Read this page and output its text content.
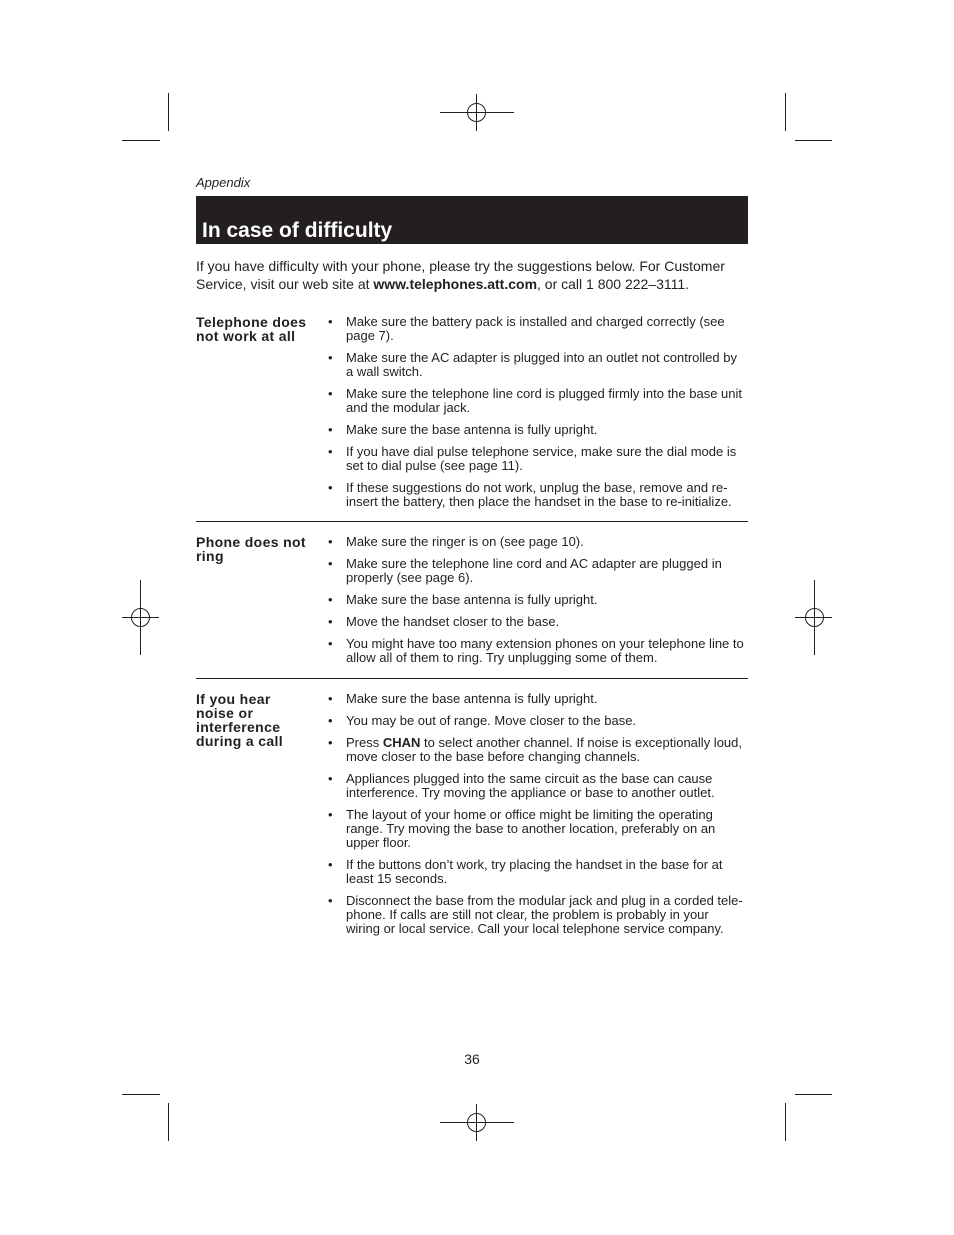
Appendix
In case of difficulty
If you have difficulty with your phone, please try the suggestions below. For Customer
Service, visit our web site at www.telephones.att.com, or call 1 800 222–3111.
Telephone does
not work at all
• Make sure the battery pack is installed and charged correctly (see
page 7).
• Make sure the AC adapter is plugged into an outlet not controlled by
a wall switch.
• Make sure the telephone line cord is plugged firmly into the base unit
and the modular jack.
• Make sure the base antenna is fully upright.
• If you have dial pulse telephone service, make sure the dial mode is
set to dial pulse (see page 11).
• If these suggestions do not work, unplug the base, remove and re-
insert the battery, then place the handset in the base to re-initialize.
Phone does not
ring
• Make sure the ringer is on (see page 10).
• Make sure the telephone line cord and AC adapter are plugged in
properly (see page 6).
• Make sure the base antenna is fully upright.
• Move the handset closer to the base.
• You might have too many extension phones on your telephone line to
allow all of them to ring. Try unplugging some of them.
If you hear
noise or
interference
during a call
• Make sure the base antenna is fully upright.
• You may be out of range. Move closer to the base.
• Press CHAN to select another channel. If noise is exceptionally loud,
move closer to the base before changing channels.
• Appliances plugged into the same circuit as the base can cause
interference. Try moving the appliance or base to another outlet.
• The layout of your home or office might be limiting the operating
range. Try moving the base to another location, preferably on an
upper floor.
• If the buttons don’t work, try placing the handset in the base for at
least 15 seconds.
• Disconnect the base from the modular jack and plug in a corded tele-
phone. If calls are still not clear, the problem is probably in your
wiring or local service. Call your local telephone service company.
36
